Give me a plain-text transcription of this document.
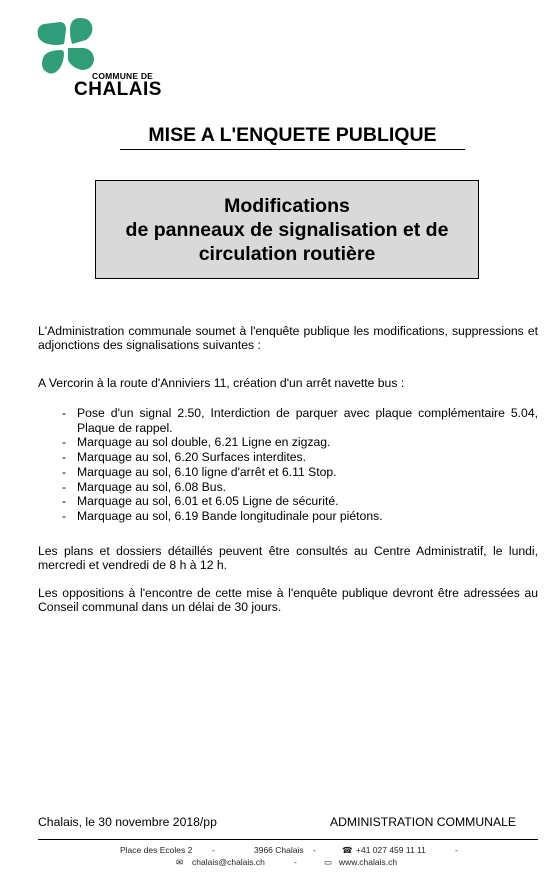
COMMUNE DE
CHALAIS
MISE A L'ENQUETE PUBLIQUE
Modifications
de panneaux de signalisation et de
circulation routière
L'Administration communale soumet à l'enquête publique les modifications, suppressions et adjonctions des signalisations suivantes :
A Vercorin à la route d'Anniviers 11, création d'un arrêt navette bus :
- Pose d'un signal 2.50, Interdiction de parquer avec plaque complémentaire 5.04, Plaque de rappel.
- Marquage au sol double, 6.21 Ligne en zigzag.
- Marquage au sol, 6.20 Surfaces interdites.
- Marquage au sol, 6.10 ligne d'arrêt et 6.11 Stop.
- Marquage au sol, 6.08 Bus.
- Marquage au sol, 6.01 et 6.05 Ligne de sécurité.
- Marquage au sol, 6.19 Bande longitudinale pour piétons.
Les plans et dossiers détaillés peuvent être consultés au Centre Administratif, le lundi, mercredi et vendredi de 8 h à 12 h.
Les oppositions à l'encontre de cette mise à l'enquête publique devront être adressées au Conseil communal dans un délai de 30 jours.
Chalais, le 30 novembre 2018/pp	ADMINISTRATION COMMUNALE
Place des Ecoles 2 -	3966 Chalais -	☎ +41 027 459 11 11	-
✉ chalais@chalais.ch	-	▭ www.chalais.ch
